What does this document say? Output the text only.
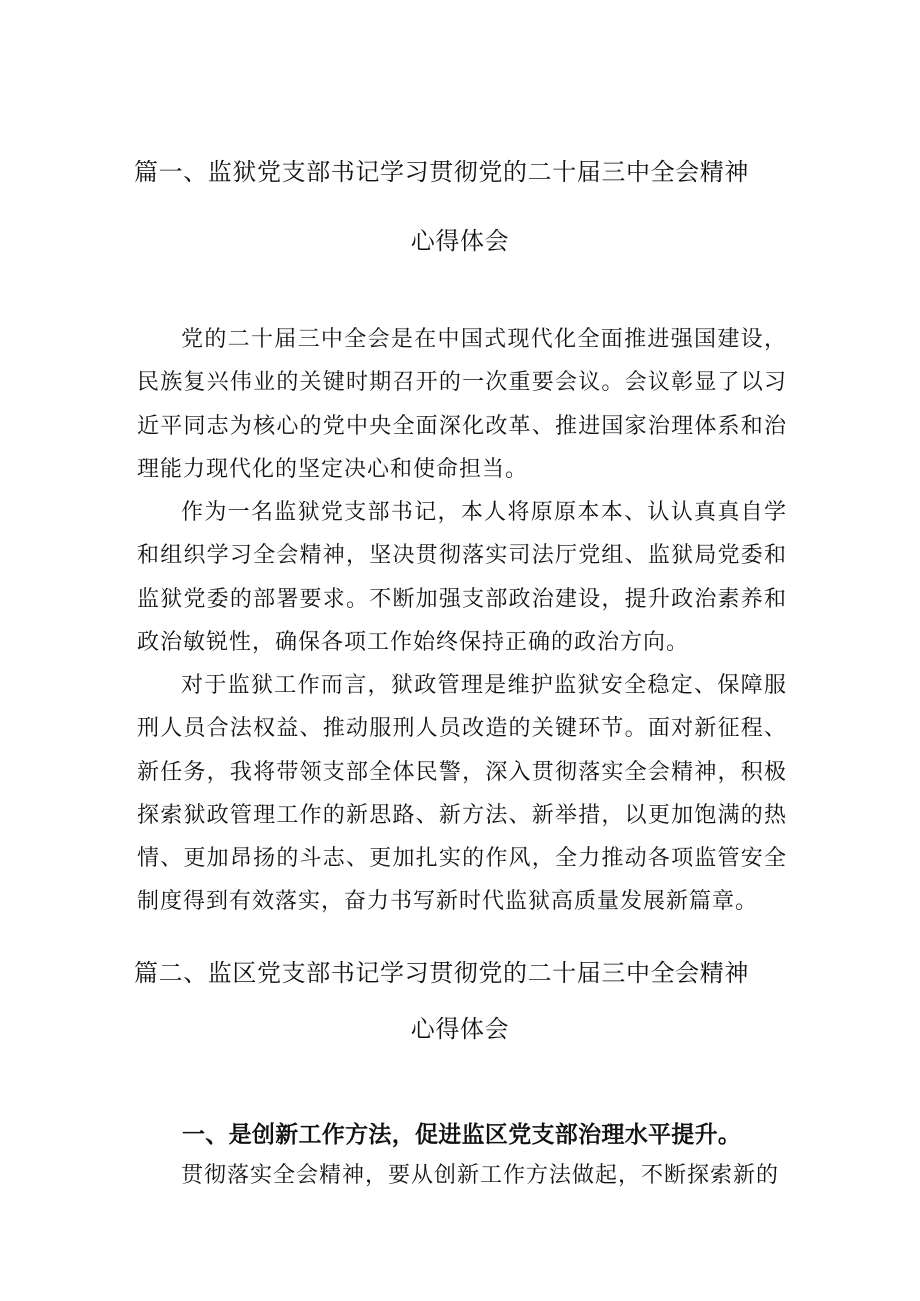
篇一、监狱党支部书记学习贯彻党的二十届三中全会精神
心得体会

党的二十届三中全会是在中国式现代化全面推进强国建设，民族复兴伟业的关键时期召开的一次重要会议。会议彰显了以习近平同志为核心的党中央全面深化改革、推进国家治理体系和治理能力现代化的坚定决心和使命担当。

作为一名监狱党支部书记，本人将原原本本、认认真真自学和组织学习全会精神，坚决贯彻落实司法厅党组、监狱局党委和监狱党委的部署要求。不断加强支部政治建设，提升政治素养和政治敏锐性，确保各项工作始终保持正确的政治方向。

对于监狱工作而言，狱政管理是维护监狱安全稳定、保障服刑人员合法权益、推动服刑人员改造的关键环节。面对新征程、新任务，我将带领支部全体民警，深入贯彻落实全会精神，积极探索狱政管理工作的新思路、新方法、新举措，以更加饱满的热情、更加昂扬的斗志、更加扎实的作风，全力推动各项监管安全制度得到有效落实，奋力书写新时代监狱高质量发展新篇章。

篇二、监区党支部书记学习贯彻党的二十届三中全会精神
心得体会
一、是创新工作方法，促进监区党支部治理水平提升。

贯彻落实全会精神，要从创新工作方法做起，不断探索新的
